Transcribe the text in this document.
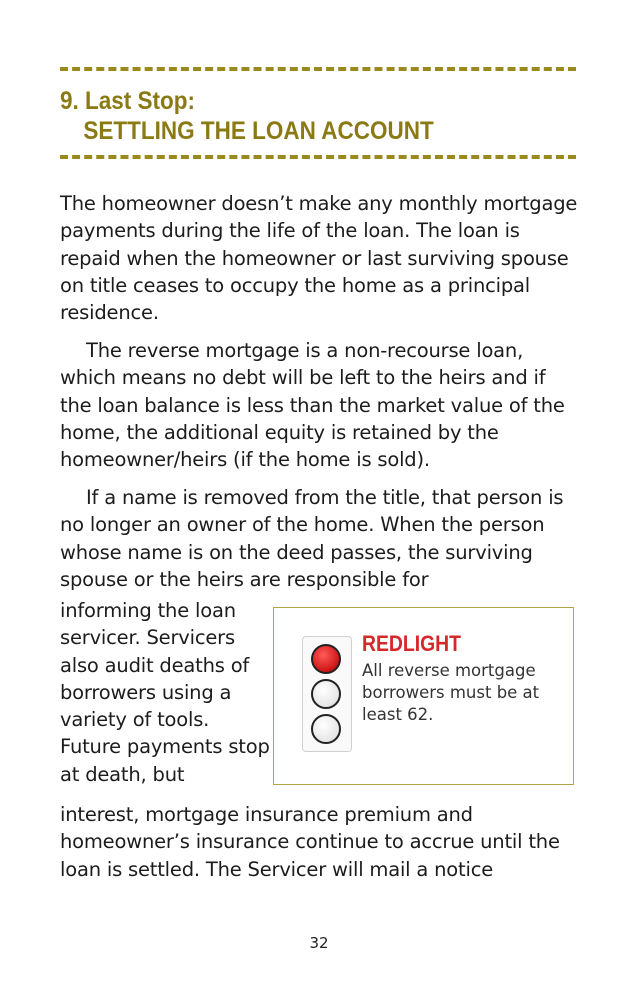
9. Last Stop:
SETTLING THE LOAN ACCOUNT
The homeowner doesn’t make any monthly mortgage payments during the life of the loan. The loan is repaid when the homeowner or last surviving spouse on title ceases to occupy the home as a principal residence.
The reverse mortgage is a non-recourse loan, which means no debt will be left to the heirs and if the loan balance is less than the market value of the home, the additional equity is retained by the homeowner/heirs (if the home is sold).
If a name is removed from the title, that person is no longer an owner of the home. When the person whose name is on the deed passes, the surviving spouse or the heirs are responsible for
informing the loan servicer. Servicers also audit deaths of borrowers using a variety of tools. Future payments stop at death, but
REDLIGHT
All reverse mortgage borrowers must be at least 62.
interest, mortgage insurance premium and homeowner’s insurance continue to accrue until the loan is settled. The Servicer will mail a notice
32
